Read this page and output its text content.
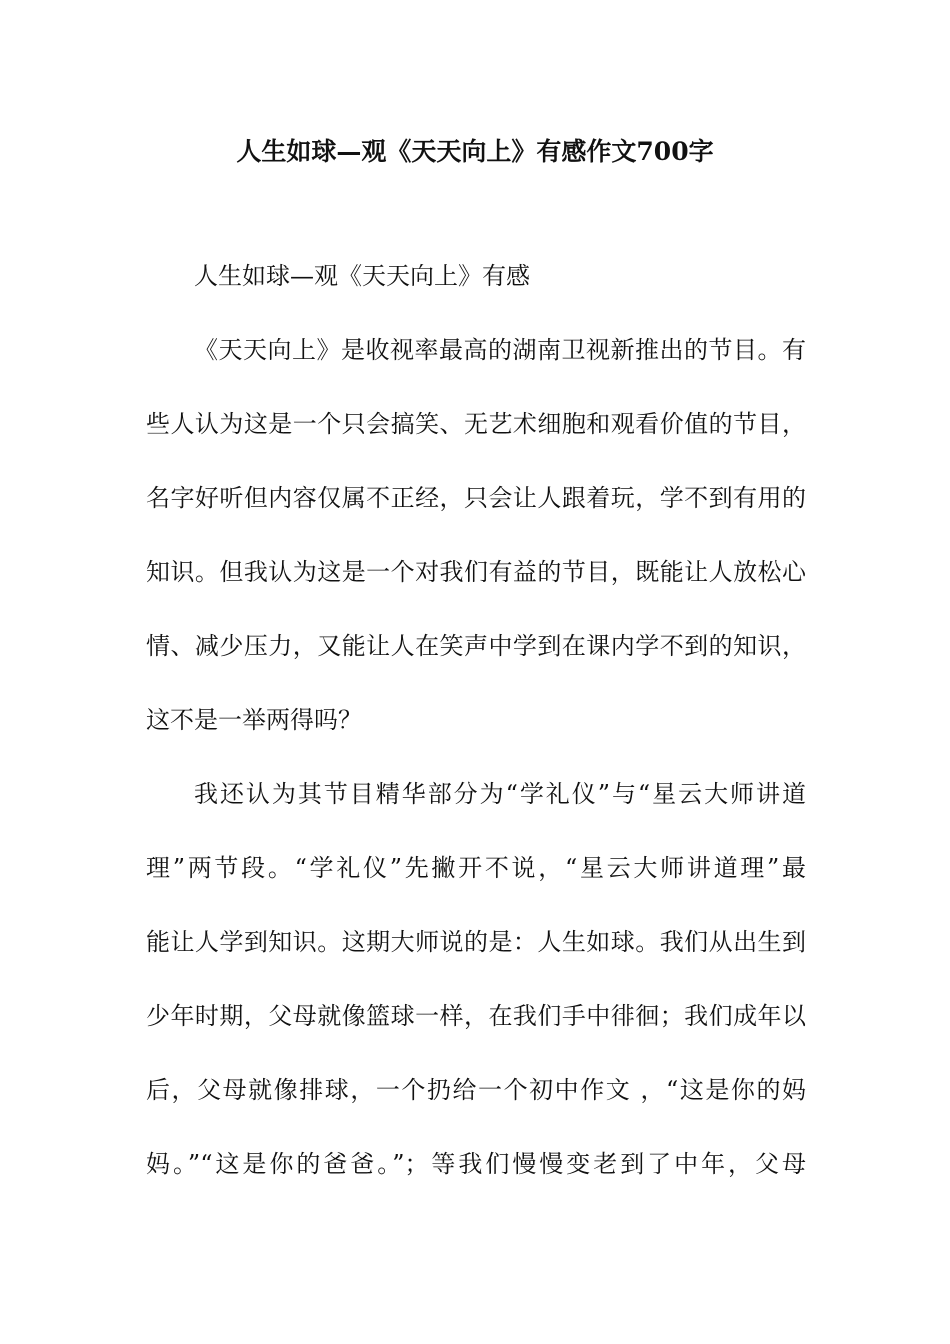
人生如球—观《天天向上》有感作文700字

人生如球—观《天天向上》有感

《天天向上》是收视率最高的湖南卫视新推出的节目。有
些人认为这是一个只会搞笑、无艺术细胞和观看价值的节目，
名字好听但内容仅属不正经，只会让人跟着玩，学不到有用的
知识。但我认为这是一个对我们有益的节目，既能让人放松心
情、减少压力，又能让人在笑声中学到在课内学不到的知识，
这不是一举两得吗？

我还认为其节目精华部分为“学礼仪”与“星云大师讲道
理”两节段。“学礼仪”先撇开不说，“星云大师讲道理”最
能让人学到知识。这期大师说的是：人生如球。我们从出生到
少年时期，父母就像篮球一样，在我们手中徘徊；我们成年以
后，父母就像排球，一个扔给一个初中作文 ，“这是你的妈
妈。”“这是你的爸爸。”；等我们慢慢变老到了中年，父母
